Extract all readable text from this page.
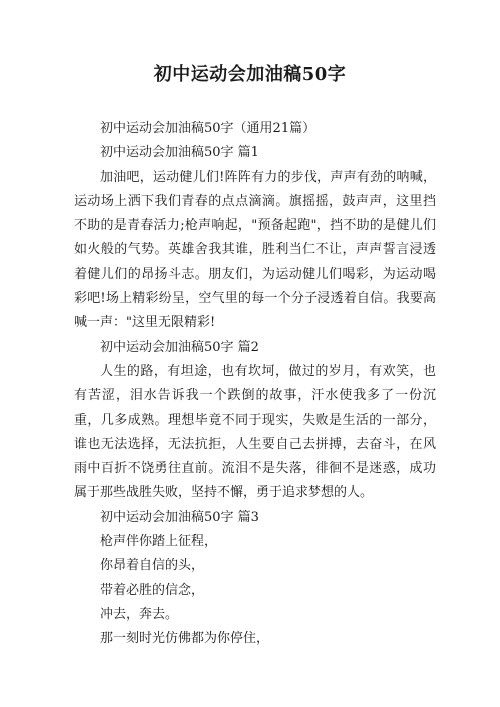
初中运动会加油稿50字

初中运动会加油稿50字（通用21篇）

初中运动会加油稿50字 篇1

加油吧，运动健儿们!阵阵有力的步伐，声声有劲的呐喊，运动场上洒下我们青春的点点滴滴。旗摇摇，鼓声声，这里挡不助的是青春活力;枪声响起，"预备起跑"，挡不助的是健儿们如火般的气势。英雄舍我其谁，胜利当仁不让，声声誓言浸透着健儿们的昂扬斗志。朋友们，为运动健儿们喝彩，为运动喝彩吧!场上精彩纷呈，空气里的每一个分子浸透着自信。我要高喊一声："这里无限精彩!

初中运动会加油稿50字 篇2

人生的路，有坦途，也有坎坷，做过的岁月，有欢笑，也有苦涩，泪水告诉我一个跌倒的故事，汗水使我多了一份沉重，几多成熟。理想毕竟不同于现实，失败是生活的一部分，谁也无法选择，无法抗拒，人生要自己去拼搏，去奋斗，在风雨中百折不饶勇往直前。流泪不是失落，徘徊不是迷惑，成功属于那些战胜失败，坚持不懈，勇于追求梦想的人。

初中运动会加油稿50字 篇3

枪声伴你踏上征程，

你昂着自信的头，

带着必胜的信念，

冲去，奔去。

那一刻时光仿佛都为你停住，
